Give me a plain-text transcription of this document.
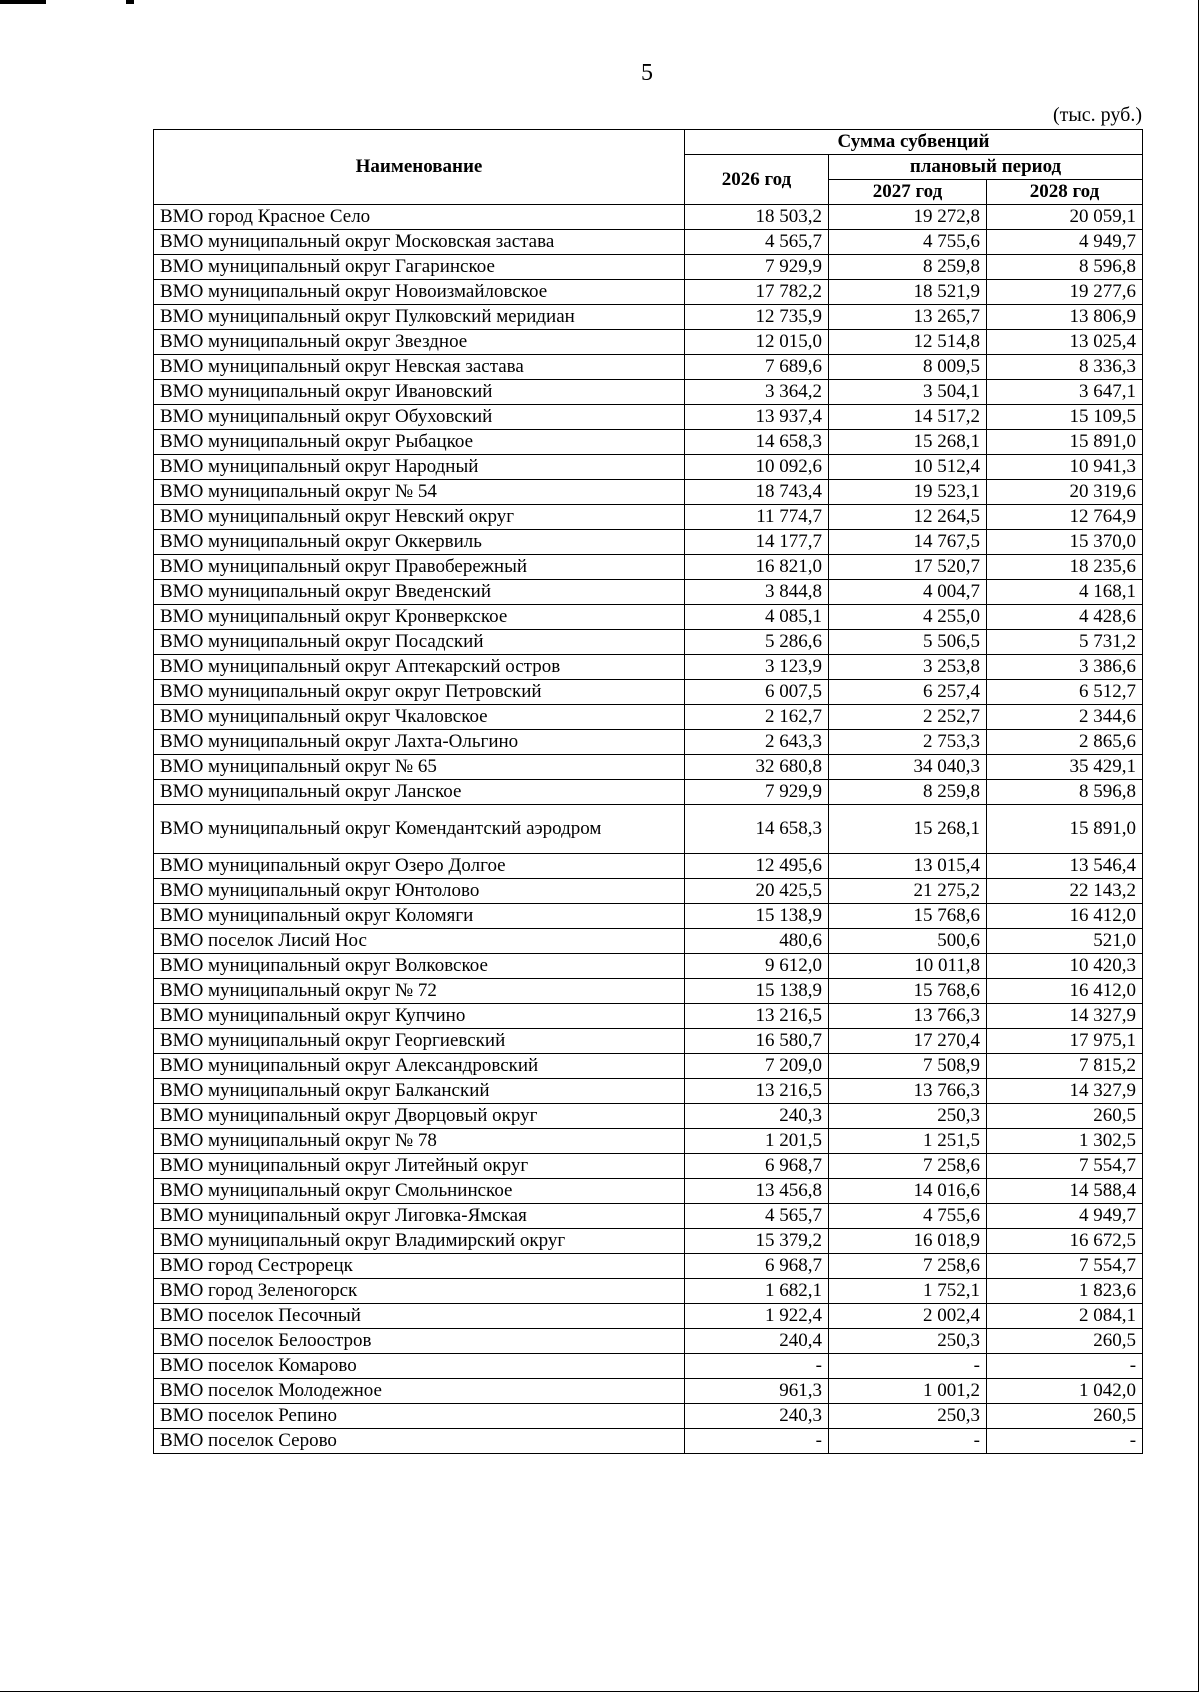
5
(тыс. руб.)
Наименование	Сумма субвенций		
	2026 год	плановый период	
		2027 год	2028 год
ВМО город Красное Село	18 503,2	19 272,8	20 059,1
ВМО муниципальный округ Московская застава	4 565,7	4 755,6	4 949,7
ВМО муниципальный округ Гагаринское	7 929,9	8 259,8	8 596,8
ВМО муниципальный округ Новоизмайловское	17 782,2	18 521,9	19 277,6
ВМО муниципальный округ Пулковский меридиан	12 735,9	13 265,7	13 806,9
ВМО муниципальный округ Звездное	12 015,0	12 514,8	13 025,4
ВМО муниципальный округ Невская застава	7 689,6	8 009,5	8 336,3
ВМО муниципальный округ Ивановский	3 364,2	3 504,1	3 647,1
ВМО муниципальный округ Обуховский	13 937,4	14 517,2	15 109,5
ВМО муниципальный округ Рыбацкое	14 658,3	15 268,1	15 891,0
ВМО муниципальный округ Народный	10 092,6	10 512,4	10 941,3
ВМО муниципальный округ № 54	18 743,4	19 523,1	20 319,6
ВМО муниципальный округ Невский округ	11 774,7	12 264,5	12 764,9
ВМО муниципальный округ Оккервиль	14 177,7	14 767,5	15 370,0
ВМО муниципальный округ Правобережный	16 821,0	17 520,7	18 235,6
ВМО муниципальный округ Введенский	3 844,8	4 004,7	4 168,1
ВМО муниципальный округ Кронверкское	4 085,1	4 255,0	4 428,6
ВМО муниципальный округ Посадский	5 286,6	5 506,5	5 731,2
ВМО муниципальный округ Аптекарский остров	3 123,9	3 253,8	3 386,6
ВМО муниципальный округ округ Петровский	6 007,5	6 257,4	6 512,7
ВМО муниципальный округ Чкаловское	2 162,7	2 252,7	2 344,6
ВМО муниципальный округ Лахта-Ольгино	2 643,3	2 753,3	2 865,6
ВМО муниципальный округ № 65	32 680,8	34 040,3	35 429,1
ВМО муниципальный округ Ланское	7 929,9	8 259,8	8 596,8
ВМО муниципальный округ Комендантский аэродром	14 658,3	15 268,1	15 891,0
ВМО муниципальный округ Озеро Долгое	12 495,6	13 015,4	13 546,4
ВМО муниципальный округ Юнтолово	20 425,5	21 275,2	22 143,2
ВМО муниципальный округ Коломяги	15 138,9	15 768,6	16 412,0
ВМО поселок Лисий Нос	480,6	500,6	521,0
ВМО муниципальный округ Волковское	9 612,0	10 011,8	10 420,3
ВМО муниципальный округ № 72	15 138,9	15 768,6	16 412,0
ВМО муниципальный округ Купчино	13 216,5	13 766,3	14 327,9
ВМО муниципальный округ Георгиевский	16 580,7	17 270,4	17 975,1
ВМО муниципальный округ Александровский	7 209,0	7 508,9	7 815,2
ВМО муниципальный округ Балканский	13 216,5	13 766,3	14 327,9
ВМО муниципальный округ Дворцовый округ	240,3	250,3	260,5
ВМО муниципальный округ № 78	1 201,5	1 251,5	1 302,5
ВМО муниципальный округ Литейный округ	6 968,7	7 258,6	7 554,7
ВМО муниципальный округ Смольнинское	13 456,8	14 016,6	14 588,4
ВМО муниципальный округ Лиговка-Ямская	4 565,7	4 755,6	4 949,7
ВМО муниципальный округ Владимирский округ	15 379,2	16 018,9	16 672,5
ВМО город Сестрорецк	6 968,7	7 258,6	7 554,7
ВМО город Зеленогорск	1 682,1	1 752,1	1 823,6
ВМО поселок Песочный	1 922,4	2 002,4	2 084,1
ВМО поселок Белоостров	240,4	250,3	260,5
ВМО поселок Комарово	-	-	-
ВМО поселок Молодежное	961,3	1 001,2	1 042,0
ВМО поселок Репино	240,3	250,3	260,5
ВМО поселок Серово	-	-	-
